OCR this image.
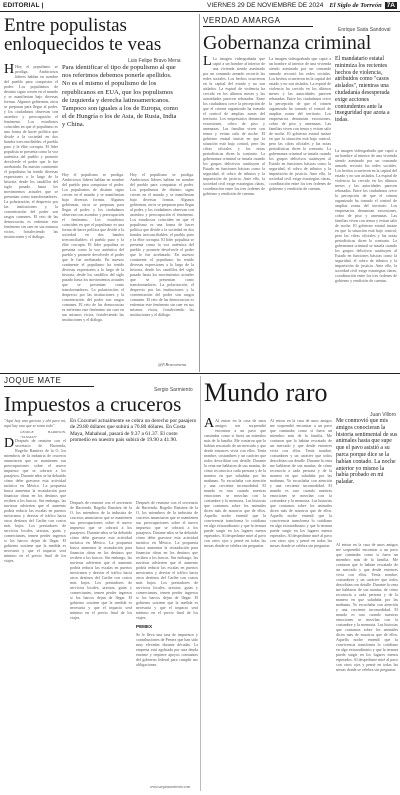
EDITORIAL |	VIERNES 29 DE NOVIEMBRE DE 2024 El Siglo de Torreón 7A
Entre populistas
enloquecidos te veas
Luis Felipe Bravo Mena
H Hoy el populismo se prodiga. Ambiciosos líderes hablan en nombre del pueblo para conquistar el poder. Los populismos de distinto signo crecen en el mundo y se manifiestan bajo diversas formas. Algunos gobiernan, otros se preparan para llegar al poder, y los ciudadanos observan con asombro y preocupación el fenómeno. Los estudiosos coinciden en que el populismo es una forma de hacer política que divide a la sociedad en dos bandos irreconciliables: el pueblo puro y la élite corrupta. El líder populista se presenta como la voz auténtica del pueblo y promete devolverle el poder que le fue arrebatado. En nuestro continente el populismo ha tenido diversas expresiones a lo largo de la historia, desde los caudillos del siglo pasado hasta los movimientos actuales que se presentan como transformadores. La polarización, el desprecio por las instituciones y la concentración del poder son rasgos comunes. El reto de las democracias es enfrentar este fenómeno sin caer en sus mismos vicios, fortaleciendo las instituciones y el diálogo.
Para identificar el tipo de populismo al que nos referimos debemos ponerle apellidos. No es el mismo el populismo de los republicanos en EUA, que los populismos de izquierda y derecha latinoamericanos. Tampoco son iguales a los de Europa, como el de Hungría o los de Asia, de Rusia, India y China.
Hoy el populismo se prodiga. Ambiciosos líderes hablan en nombre del pueblo para conquistar el poder. Los populismos de distinto signo crecen en el mundo y se manifiestan bajo diversas formas. Algunos gobiernan, otros se preparan para llegar al poder, y los ciudadanos observan con asombro y preocupación el fenómeno. Los estudiosos coinciden en que el populismo es una forma de hacer política que divide a la sociedad en dos bandos irreconciliables: el pueblo puro y la élite corrupta. El líder populista se presenta como la voz auténtica del pueblo y promete devolverle el poder que le fue arrebatado. En nuestro continente el populismo ha tenido diversas expresiones a lo largo de la historia, desde los caudillos del siglo pasado hasta los movimientos actuales que se presentan como transformadores. La polarización, el desprecio por las instituciones y la concentración del poder son rasgos comunes. El reto de las democracias es enfrentar este fenómeno sin caer en sus mismos vicios, fortaleciendo las instituciones y el diálogo.
Hoy el populismo se prodiga. Ambiciosos líderes hablan en nombre del pueblo para conquistar el poder. Los populismos de distinto signo crecen en el mundo y se manifiestan bajo diversas formas. Algunos gobiernan, otros se preparan para llegar al poder, y los ciudadanos observan con asombro y preocupación el fenómeno. Los estudiosos coinciden en que el populismo es una forma de hacer política que divide a la sociedad en dos bandos irreconciliables: el pueblo puro y la élite corrupta. El líder populista se presenta como la voz auténtica del pueblo y promete devolverle el poder que le fue arrebatado. En nuestro continente el populismo ha tenido diversas expresiones a lo largo de la historia, desde los caudillos del siglo pasado hasta los movimientos actuales que se presentan como transformadores. La polarización, el desprecio por las instituciones y la concentración del poder son rasgos comunes. El reto de las democracias es enfrentar este fenómeno sin caer en sus mismos vicios, fortaleciendo las instituciones y el diálogo.
@F.Bravomena
VERDAD AMARGA
Enrique Sada Sandoval
Gobernanza criminal
L La imagen videograbada que captó a un hombre al interior de una vivienda siendo asesinado por un comando armado recorrió las redes sociales. Los hechos ocurrieron en la capital del estado y no son aislados. La espiral de violencia ha crecido en los últimos meses y las autoridades parecen rebasadas. Entre los ciudadanos crece la percepción de que el crimen organizado ha tomado el control de amplias zonas del territorio. Los empresarios denuncian extorsiones, cobro de piso y amenazas. Las familias viven con temor y evitan salir de noche. El gobierno estatal insiste en que la situación está bajo control, pero las cifras oficiales y las notas periodísticas dicen lo contrario. La gobernanza criminal se instala cuando los grupos delictivos sustituyen al Estado en funciones básicas como la seguridad, el cobro de tributos y la impartición de justicia. Ante ello, la sociedad civil exige estrategias claras, coordinación entre los tres órdenes de gobierno y rendición de cuentas.
La imagen videograbada que captó a un hombre al interior de una vivienda siendo asesinado por un comando armado recorrió las redes sociales. Los hechos ocurrieron en la capital del estado y no son aislados. La espiral de violencia ha crecido en los últimos meses y las autoridades parecen rebasadas. Entre los ciudadanos crece la percepción de que el crimen organizado ha tomado el control de amplias zonas del territorio. Los empresarios denuncian extorsiones, cobro de piso y amenazas. Las familias viven con temor y evitan salir de noche. El gobierno estatal insiste en que la situación está bajo control, pero las cifras oficiales y las notas periodísticas dicen lo contrario. La gobernanza criminal se instala cuando los grupos delictivos sustituyen al Estado en funciones básicas como la seguridad, el cobro de tributos y la impartición de justicia. Ante ello, la sociedad civil exige estrategias claras, coordinación entre los tres órdenes de gobierno y rendición de cuentas.
El mandatario estatal minimiza los recientes hechos de violencia, atribuidos como "casos aislados", mientras una ciudadanía desesperada exige acciones contundentes ante la inseguridad que azota a todas.
La imagen videograbada que captó a un hombre al interior de una vivienda siendo asesinado por un comando armado recorrió las redes sociales. Los hechos ocurrieron en la capital del estado y no son aislados. La espiral de violencia ha crecido en los últimos meses y las autoridades parecen rebasadas. Entre los ciudadanos crece la percepción de que el crimen organizado ha tomado el control de amplias zonas del territorio. Los empresarios denuncian extorsiones, cobro de piso y amenazas. Las familias viven con temor y evitan salir de noche. El gobierno estatal insiste en que la situación está bajo control, pero las cifras oficiales y las notas periodísticas dicen lo contrario. La gobernanza criminal se instala cuando los grupos delictivos sustituyen al Estado en funciones básicas como la seguridad, el cobro de tributos y la impartición de justicia. Ante ello, la sociedad civil exige estrategias claras, coordinación entre los tres órdenes de gobierno y rendición de cuentas.
JOQUE MATE
Sergio Sarmiento
Impuestos a cruceros
"Aquí hay una gaviota y ahí para mí, aquí hay una que se toma todo".
GEORGE HARRISON, "TAXMAN"
D Después de reunirse con el secretario de Hacienda, Rogelio Ramírez de la O, los miembros de la industria de cruceros anunciaron que se mantienen sus preocupaciones sobre el nuevo impuesto que se cobrará a los pasajeros. Durante años se ha debatido cómo debe gravarse esta actividad turística en México. La propuesta busca aumentar la recaudación para financiar obras en los destinos que reciben a los barcos. Sin embargo, las navieras advierten que el aumento podría reducir las escalas en puertos mexicanos y desviar el tráfico hacia otros destinos del Caribe con costos más bajos. Los prestadores de servicios locales, taxistas, guías y comerciantes, temen perder ingresos si los barcos dejan de llegar. El gobierno sostiene que la medida es necesaria y que el impacto será mínimo en el precio final de los viajes.
En Cozumel actualmente se cobra un derecho por pasajero de 29.80 dólares que subirá a 70.80 dólares. En Costa Maya, Mahahual, pasará de 9.37 a 61.37. El costo promedio en nuestro país subirá de 19.90 a 41.90.
Después de reunirse con el secretario de Hacienda, Rogelio Ramírez de la O, los miembros de la industria de cruceros anunciaron que se mantienen sus preocupaciones sobre el nuevo impuesto que se cobrará a los pasajeros. Durante años se ha debatido cómo debe gravarse esta actividad turística en México. La propuesta busca aumentar la recaudación para financiar obras en los destinos que reciben a los barcos. Sin embargo, las navieras advierten que el aumento podría reducir las escalas en puertos mexicanos y desviar el tráfico hacia otros destinos del Caribe con costos más bajos. Los prestadores de servicios locales, taxistas, guías y comerciantes, temen perder ingresos si los barcos dejan de llegar. El gobierno sostiene que la medida es necesaria y que el impacto será mínimo en el precio final de los viajes.
Después de reunirse con el secretario de Hacienda, Rogelio Ramírez de la O, los miembros de la industria de cruceros anunciaron que se mantienen sus preocupaciones sobre el nuevo impuesto que se cobrará a los pasajeros. Durante años se ha debatido cómo debe gravarse esta actividad turística en México. La propuesta busca aumentar la recaudación para financiar obras en los destinos que reciben a los barcos. Sin embargo, las navieras advierten que el aumento podría reducir las escalas en puertos mexicanos y desviar el tráfico hacia otros destinos del Caribe con costos más bajos. Los prestadores de servicios locales, taxistas, guías y comerciantes, temen perder ingresos si los barcos dejan de llegar. El gobierno sostiene que la medida es necesaria y que el impacto será mínimo en el precio final de los viajes.
PEMEX
Se le lleva una tasa de impuestos y contribuciones de Pemex que han sido muy elevadas durante décadas. La empresa está agobiada por una deuda enorme y requiere apoyos constantes del gobierno federal para cumplir sus obligaciones.
www.sergiosarmiento.com
Mundo raro
Juan Villoro
A Al entrar en la casa de unos amigos me sorprendió encontrar a un pavo que caminaba como si fuera un miembro más de la familia. Me contaron que lo habían rescatado de un mercado y que desde entonces vivía con ellos. Tenía nombre, costumbres y un carácter que todos describían con detalle. Durante la cena me hablaron de sus manías, de cómo reconocía a cada persona y de la manera en que saludaba por las mañanas. Yo escuchaba con atención y una creciente incomodidad. El mundo es raro cuando nuestras emociones se mezclan con la costumbre y la memoria. Las historias que contamos sobre los animales dicen más de nosotros que de ellos. Aquella noche entendí que la convivencia transforma lo cotidiano en algo extraordinario y que la ternura puede surgir en los lugares menos esperados. Al despedirme miré al pavo con otros ojos y pensé en todas las mesas donde se celebra sin preguntar.
Al entrar en la casa de unos amigos me sorprendió encontrar a un pavo que caminaba como si fuera un miembro más de la familia. Me contaron que lo habían rescatado de un mercado y que desde entonces vivía con ellos. Tenía nombre, costumbres y un carácter que todos describían con detalle. Durante la cena me hablaron de sus manías, de cómo reconocía a cada persona y de la manera en que saludaba por las mañanas. Yo escuchaba con atención y una creciente incomodidad. El mundo es raro cuando nuestras emociones se mezclan con la costumbre y la memoria. Las historias que contamos sobre los animales dicen más de nosotros que de ellos. Aquella noche entendí que la convivencia transforma lo cotidiano en algo extraordinario y que la ternura puede surgir en los lugares menos esperados. Al despedirme miré al pavo con otros ojos y pensé en todas las mesas donde se celebra sin preguntar.
Me conmovió que mis amigos conocieran la historia sentimental de sus animales hasta que supe que el pavo asistió a su parca porque dice se la habían contado. La noche anterior yo mismo la había probado en mi paladar.
Al entrar en la casa de unos amigos me sorprendió encontrar a un pavo que caminaba como si fuera un miembro más de la familia. Me contaron que lo habían rescatado de un mercado y que desde entonces vivía con ellos. Tenía nombre, costumbres y un carácter que todos describían con detalle. Durante la cena me hablaron de sus manías, de cómo reconocía a cada persona y de la manera en que saludaba por las mañanas. Yo escuchaba con atención y una creciente incomodidad. El mundo es raro cuando nuestras emociones se mezclan con la costumbre y la memoria. Las historias que contamos sobre los animales dicen más de nosotros que de ellos. Aquella noche entendí que la convivencia transforma lo cotidiano en algo extraordinario y que la ternura puede surgir en los lugares menos esperados. Al despedirme miré al pavo con otros ojos y pensé en todas las mesas donde se celebra sin preguntar.
